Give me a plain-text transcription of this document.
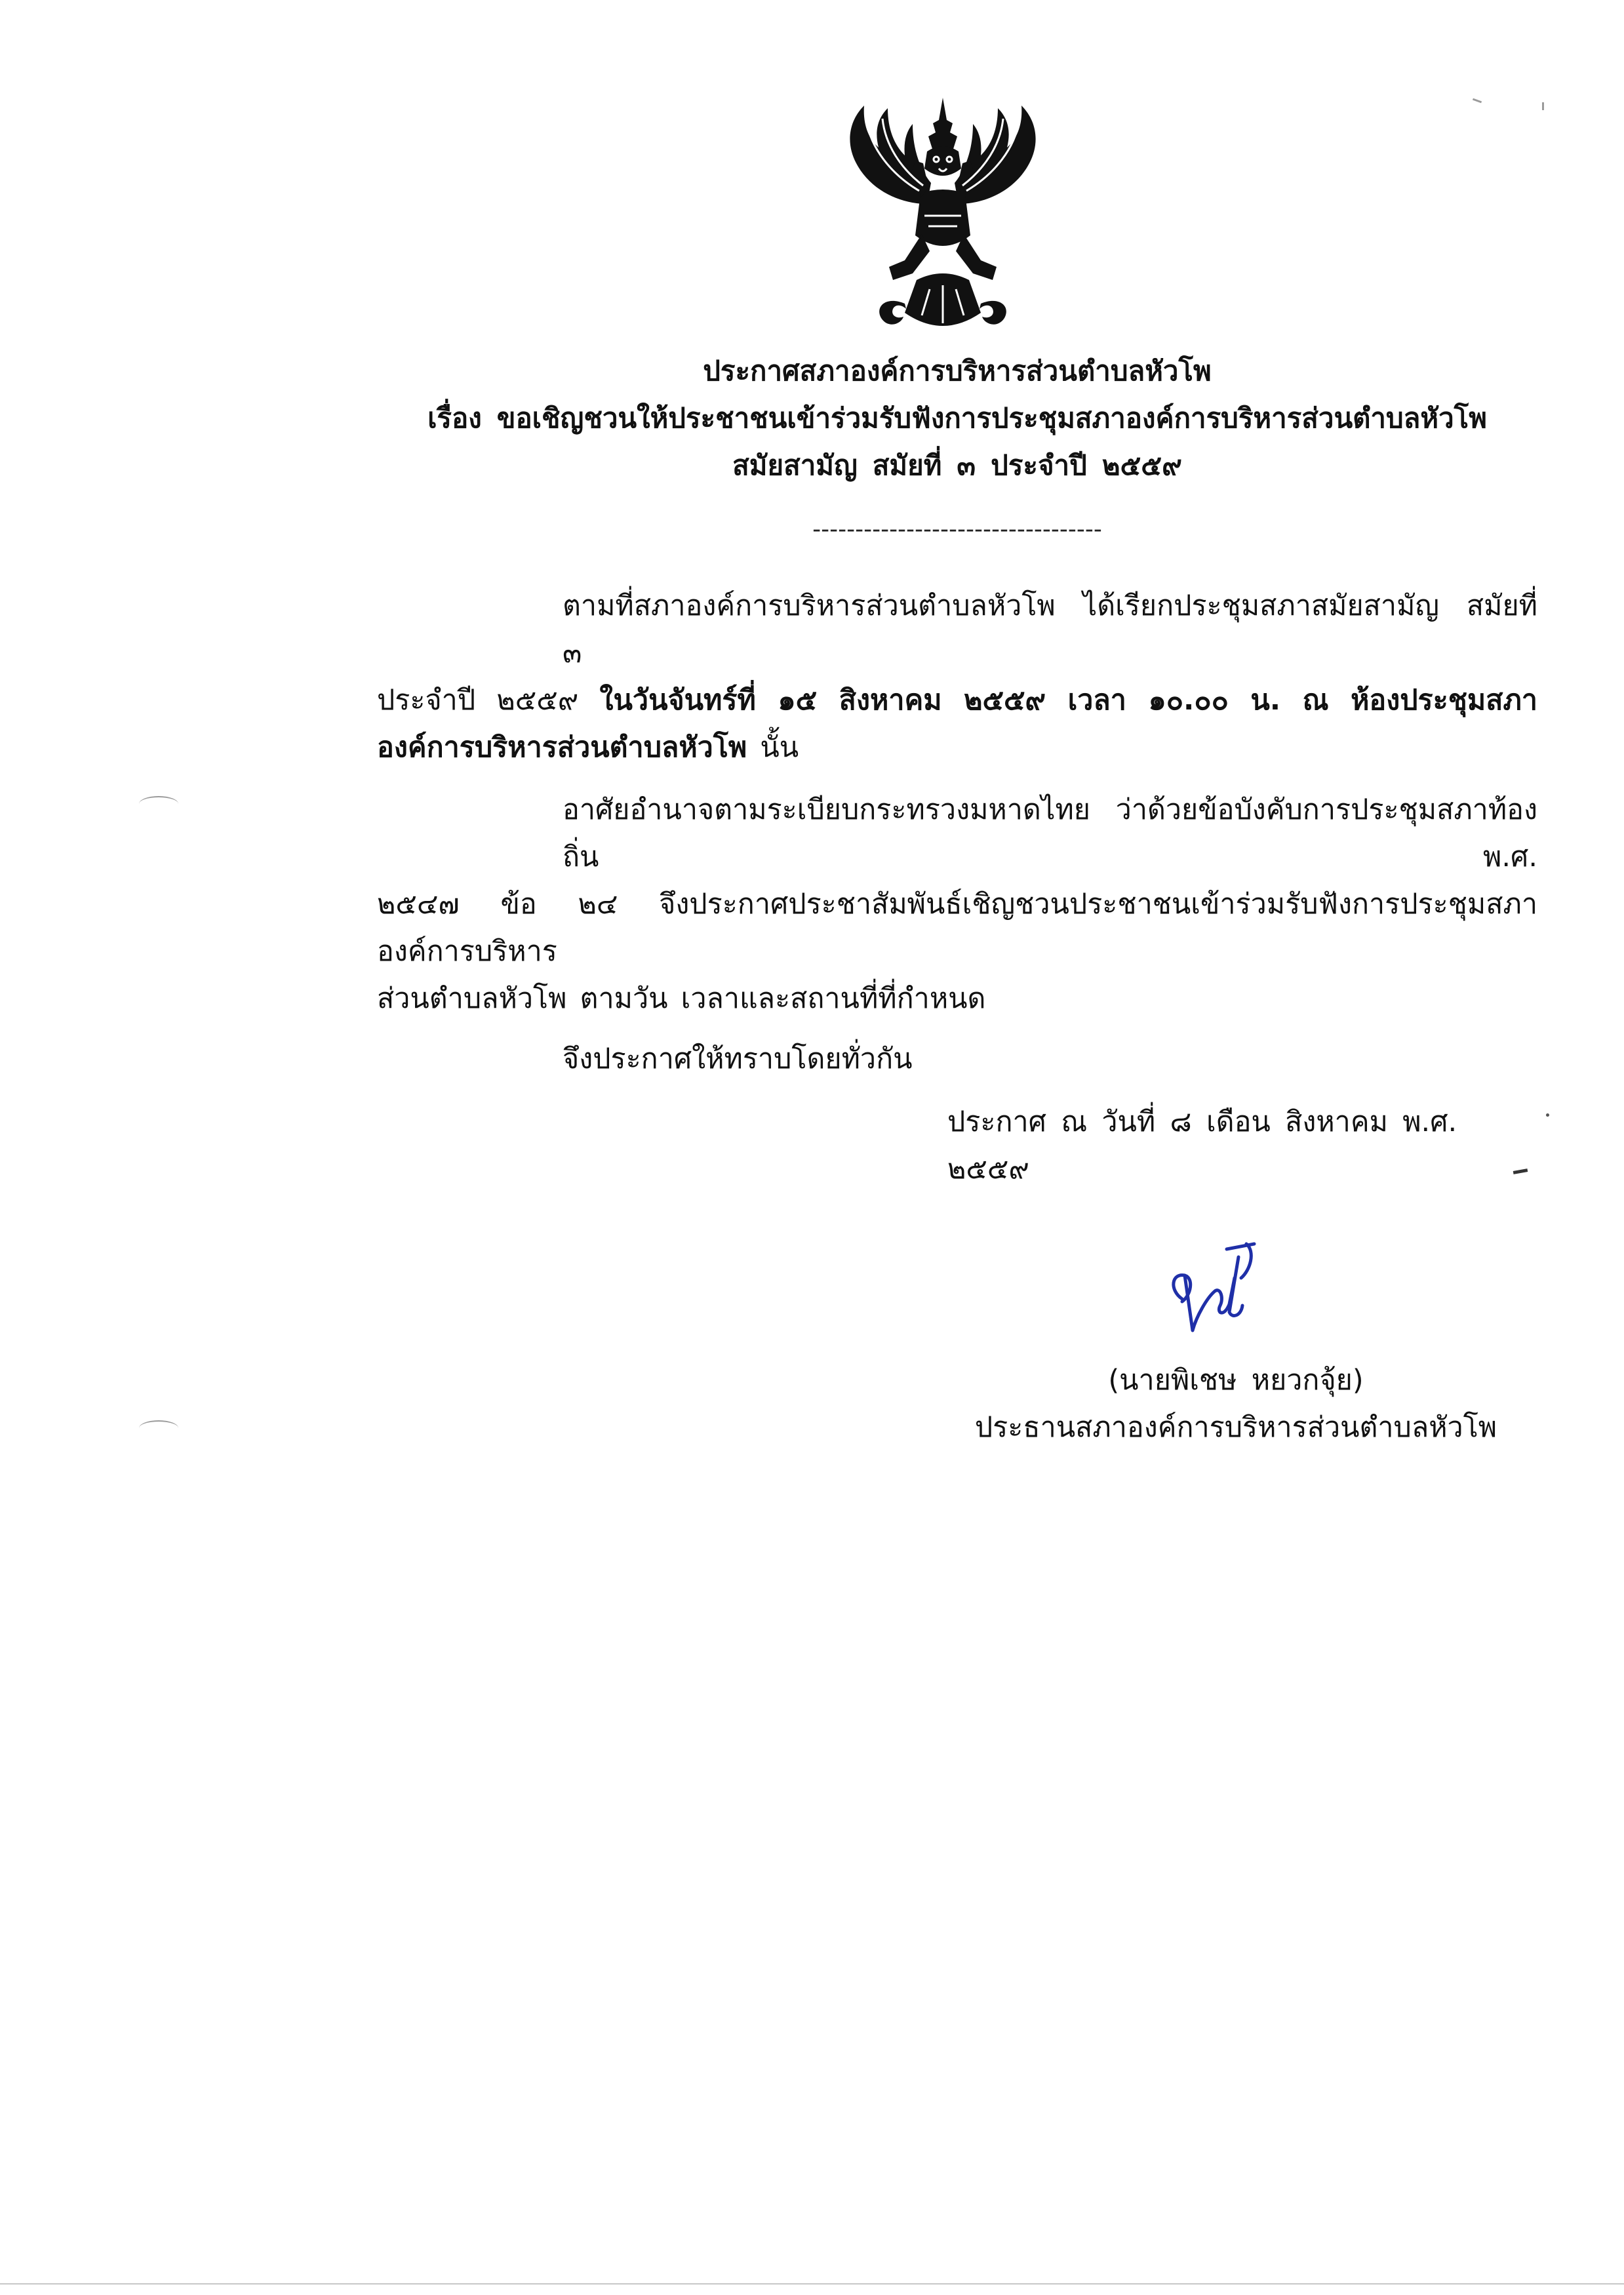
ประกาศสภาองค์การบริหารส่วนตำบลหัวโพ
เรื่อง ขอเชิญชวนให้ประชาชนเข้าร่วมรับฟังการประชุมสภาองค์การบริหารส่วนตำบลหัวโพ
สมัยสามัญ สมัยที่ ๓ ประจำปี ๒๕๕๙
----------------------------------
ตามที่สภาองค์การบริหารส่วนตำบลหัวโพ ได้เรียกประชุมสภาสมัยสามัญ สมัยที่ ๓
ประจำปี ๒๕๕๙ ในวันจันทร์ที่ ๑๕ สิงหาคม ๒๕๕๙ เวลา ๑๐.๐๐ น. ณ ห้องประชุมสภา
องค์การบริหารส่วนตำบลหัวโพ นั้น
อาศัยอำนาจตามระเบียบกระทรวงมหาดไทย ว่าด้วยข้อบังคับการประชุมสภาท้องถิ่น พ.ศ.
๒๕๔๗ ข้อ ๒๔ จึงประกาศประชาสัมพันธ์เชิญชวนประชาชนเข้าร่วมรับฟังการประชุมสภาองค์การบริหาร
ส่วนตำบลหัวโพ ตามวัน เวลาและสถานที่ที่กำหนด
จึงประกาศให้ทราบโดยทั่วกัน
ประกาศ ณ วันที่ ๘ เดือน สิงหาคม พ.ศ. ๒๕๕๙
(นายพิเชษ หยวกจุ้ย)
ประธานสภาองค์การบริหารส่วนตำบลหัวโพ
